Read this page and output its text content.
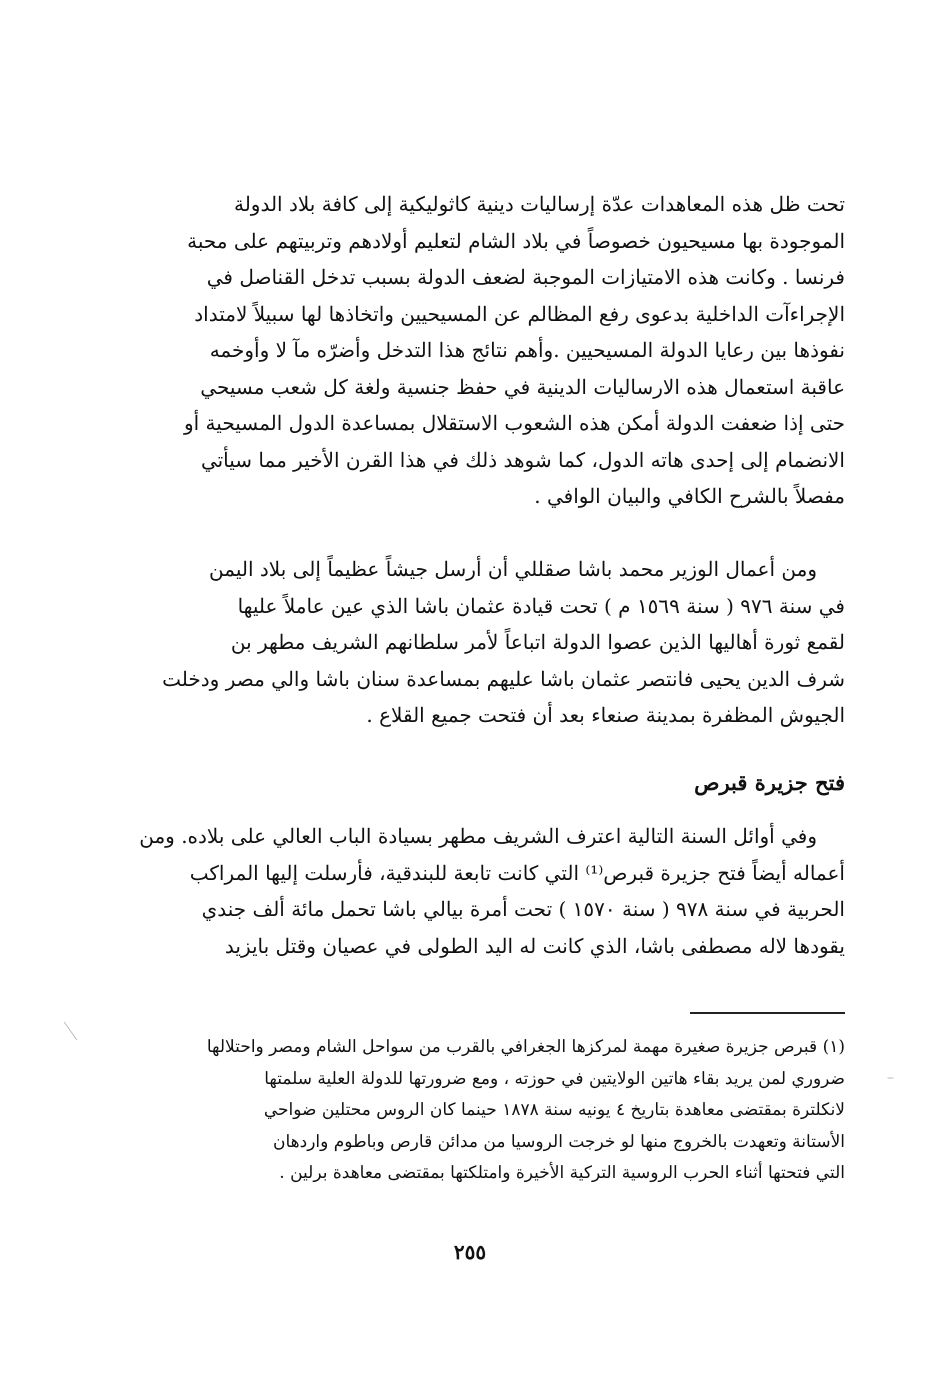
تحت ظل هذه المعاهدات عدّة إرساليات دينية كاثوليكية إلى كافة بلاد الدولة
الموجودة بها مسيحيون خصوصاً في بلاد الشام لتعليم أولادهم وتربيتهم على محبة
فرنسا . وكانت هذه الامتيازات الموجبة لضعف الدولة بسبب تدخل القناصل في
الإجراءآت الداخلية بدعوى رفع المظالم عن المسيحيين واتخاذها لها سبيلاً لامتداد
نفوذها بين رعايا الدولة المسيحيين .وأهم نتائج هذا التدخل وأضرّه مآ لا وأوخمه
عاقبة استعمال هذه الارساليات الدينية في حفظ جنسية ولغة كل شعب مسيحي
حتى إذا ضعفت الدولة أمكن هذه الشعوب الاستقلال بمساعدة الدول المسيحية أو
الانضمام إلى إحدى هاته الدول، كما شوهد ذلك في هذا القرن الأخير مما سيأتي
مفصلاً بالشرح الكافي والبيان الوافي .
ومن أعمال الوزير محمد باشا صقللي أن أرسل جيشاً عظيماً إلى بلاد اليمن
في سنة ٩٧٦ ( سنة ١٥٦٩ م ) تحت قيادة عثمان باشا الذي عين عاملاً عليها
لقمع ثورة أهاليها الذين عصوا الدولة اتباعاً لأمر سلطانهم الشريف مطهر بن
شرف الدين يحيى فانتصر عثمان باشا عليهم بمساعدة سنان باشا والي مصر ودخلت
الجيوش المظفرة بمدينة صنعاء بعد أن فتحت جميع القلاع .
فتح جزيرة قبرص
وفي أوائل السنة التالية اعترف الشريف مطهر بسيادة الباب العالي على بلاده. ومن
أعماله أيضاً فتح جزيرة قبرص⁽¹⁾ التي كانت تابعة للبندقية، فأرسلت إليها المراكب
الحربية في سنة ٩٧٨ ( سنة ١٥٧٠ ) تحت أمرة بيالي باشا تحمل مائة ألف جندي
يقودها لاله مصطفى باشا، الذي كانت له اليد الطولى في عصيان وقتل بايزيد
(١) قبرص جزيرة صغيرة مهمة لمركزها الجغرافي بالقرب من سواحل الشام ومصر واحتلالها
ضروري لمن يريد بقاء هاتين الولايتين في حوزته ، ومع ضرورتها للدولة العلية سلمتها
لانكلترة بمقتضى معاهدة بتاريخ ٤ يونيه سنة ١٨٧٨ حينما كان الروس محتلين ضواحي
الأستانة وتعهدت بالخروج منها لو خرجت الروسيا من مدائن قارص وباطوم واردهان
التي فتحتها أثناء الحرب الروسية التركية الأخيرة وامتلكتها بمقتضى معاهدة برلين .
٢٥٥
